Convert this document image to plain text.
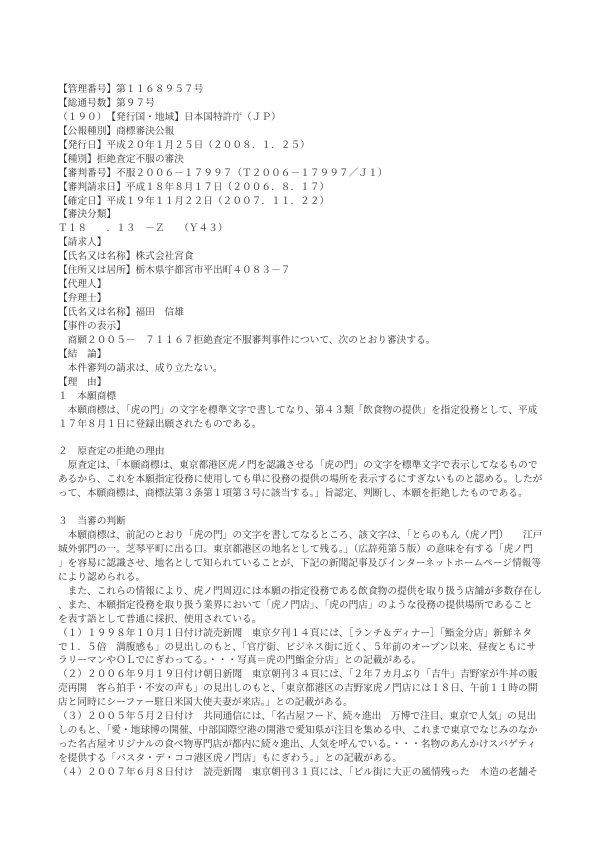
【管理番号】第１１６８９５７号
【総通号数】第９７号
（１９０）　【発行国・地域】日本国特許庁（ＪＰ）
【公報種別】商標審決公報
【発行日】平成２０年１月２５日（２００８．１．２５）
【種別】拒絶査定不服の審決
【審判番号】不服２００６－１７９９７（Ｔ２００６－１７９９７／Ｊ１）
【審判請求日】平成１８年８月１７日（２００６．８．１７）
【確定日】平成１９年１１月２２日（２００７．１１．２２）
【審決分類】
Ｔ１８　　．１３　－Ｚ　　（Ｙ４３）
【請求人】
【氏名又は名称】株式会社宮食
【住所又は居所】栃木県宇都宮市平出町４０８３－７
【代理人】
【弁理士】
【氏名又は名称】福田　信雄
【事件の表示】
　商願２００５－　７１１６７拒絶査定不服審判事件について、次のとおり審決する。
【結　論】
　本件審判の請求は、成り立たない。
【理　由】
１　本願商標
　本願商標は、「虎の門」の文字を標準文字で書してなり、第４３類「飲食物の提供」を指定役務として、平成
１７年８月１日に登録出願されたものである。
２　原査定の拒絶の理由
　原査定は、「本願商標は、東京都港区虎ノ門を認識させる「虎の門」の文字を標準文字で表示してなるもので
あるから、これを本願指定役務に使用しても単に役務の提供の場所を表示するにすぎないものと認める。したが
って、本願商標は、商標法第３条第１項第３号に該当する。」旨認定、判断し、本願を拒絶したものである。
３　当審の判断
　本願商標は、前記のとおり「虎の門」の文字を書してなるところ、該文字は、「とらのもん（虎ノ門）　　江戸
城外郭門の一。芝琴平町に出る口。東京都港区の地名として残る。」（広辞苑第５版）の意味を有する「虎ノ門
」を容易に認識させ、地名として知られていることが、下記の新聞記事及びインターネットホームページ情報等
により認められる。
　また、これらの情報により、虎ノ門周辺には本願の指定役務である飲食物の提供を取り扱う店舗が多数存在し
、また、本願指定役務を取り扱う業界において「虎ノ門店」、「虎の門店」のような役務の提供場所であること
を表す語として普通に採択、使用されている。
（１）１９９８年１０月１日付け読売新聞　東京夕刊１４頁には、［ランチ＆ディナー］「鮨金分店」新鮮ネタ
で１．５倍　満腹感も」の見出しのもと、「官庁街、ビジネス街に近く、５年前のオープン以来、昼夜ともにサ
ラリーマンやＯＬでにぎわってる。・・・写真＝虎の門鮨金分店」との記載がある。
（２）２００６年９月１９日付け朝日新聞　東京朝刊３４頁には、「２年７カ月ぶり「吉牛」吉野家が牛丼の販
売再開　客ら拍手・不安の声も」の見出しのもと、「東京都港区の吉野家虎ノ門店には１８日、午前１１時の開
店と同時にシーファー駐日米国大使夫妻が来店。」との記載がある。
（３）２００５年５月２日付け　共同通信には、「名古屋フード、続々進出　万博で注目、東京で人気」の見出
しのもと、「愛・地球博の開催、中部国際空港の開港で愛知県が注目を集める中、これまで東京でなじみのなか
った名古屋オリジナルの食べ物専門店が都内に続々進出、人気を呼んでいる。・・・名物のあんかけスパゲティ
を提供する「パスタ・デ・ココ港区虎ノ門店」もにぎわう。」との記載がある。
（４）２００７年６月８日付け　読売新聞　東京朝刊３１頁には、「ビル街に大正の風情残った　木造の老舗そ
